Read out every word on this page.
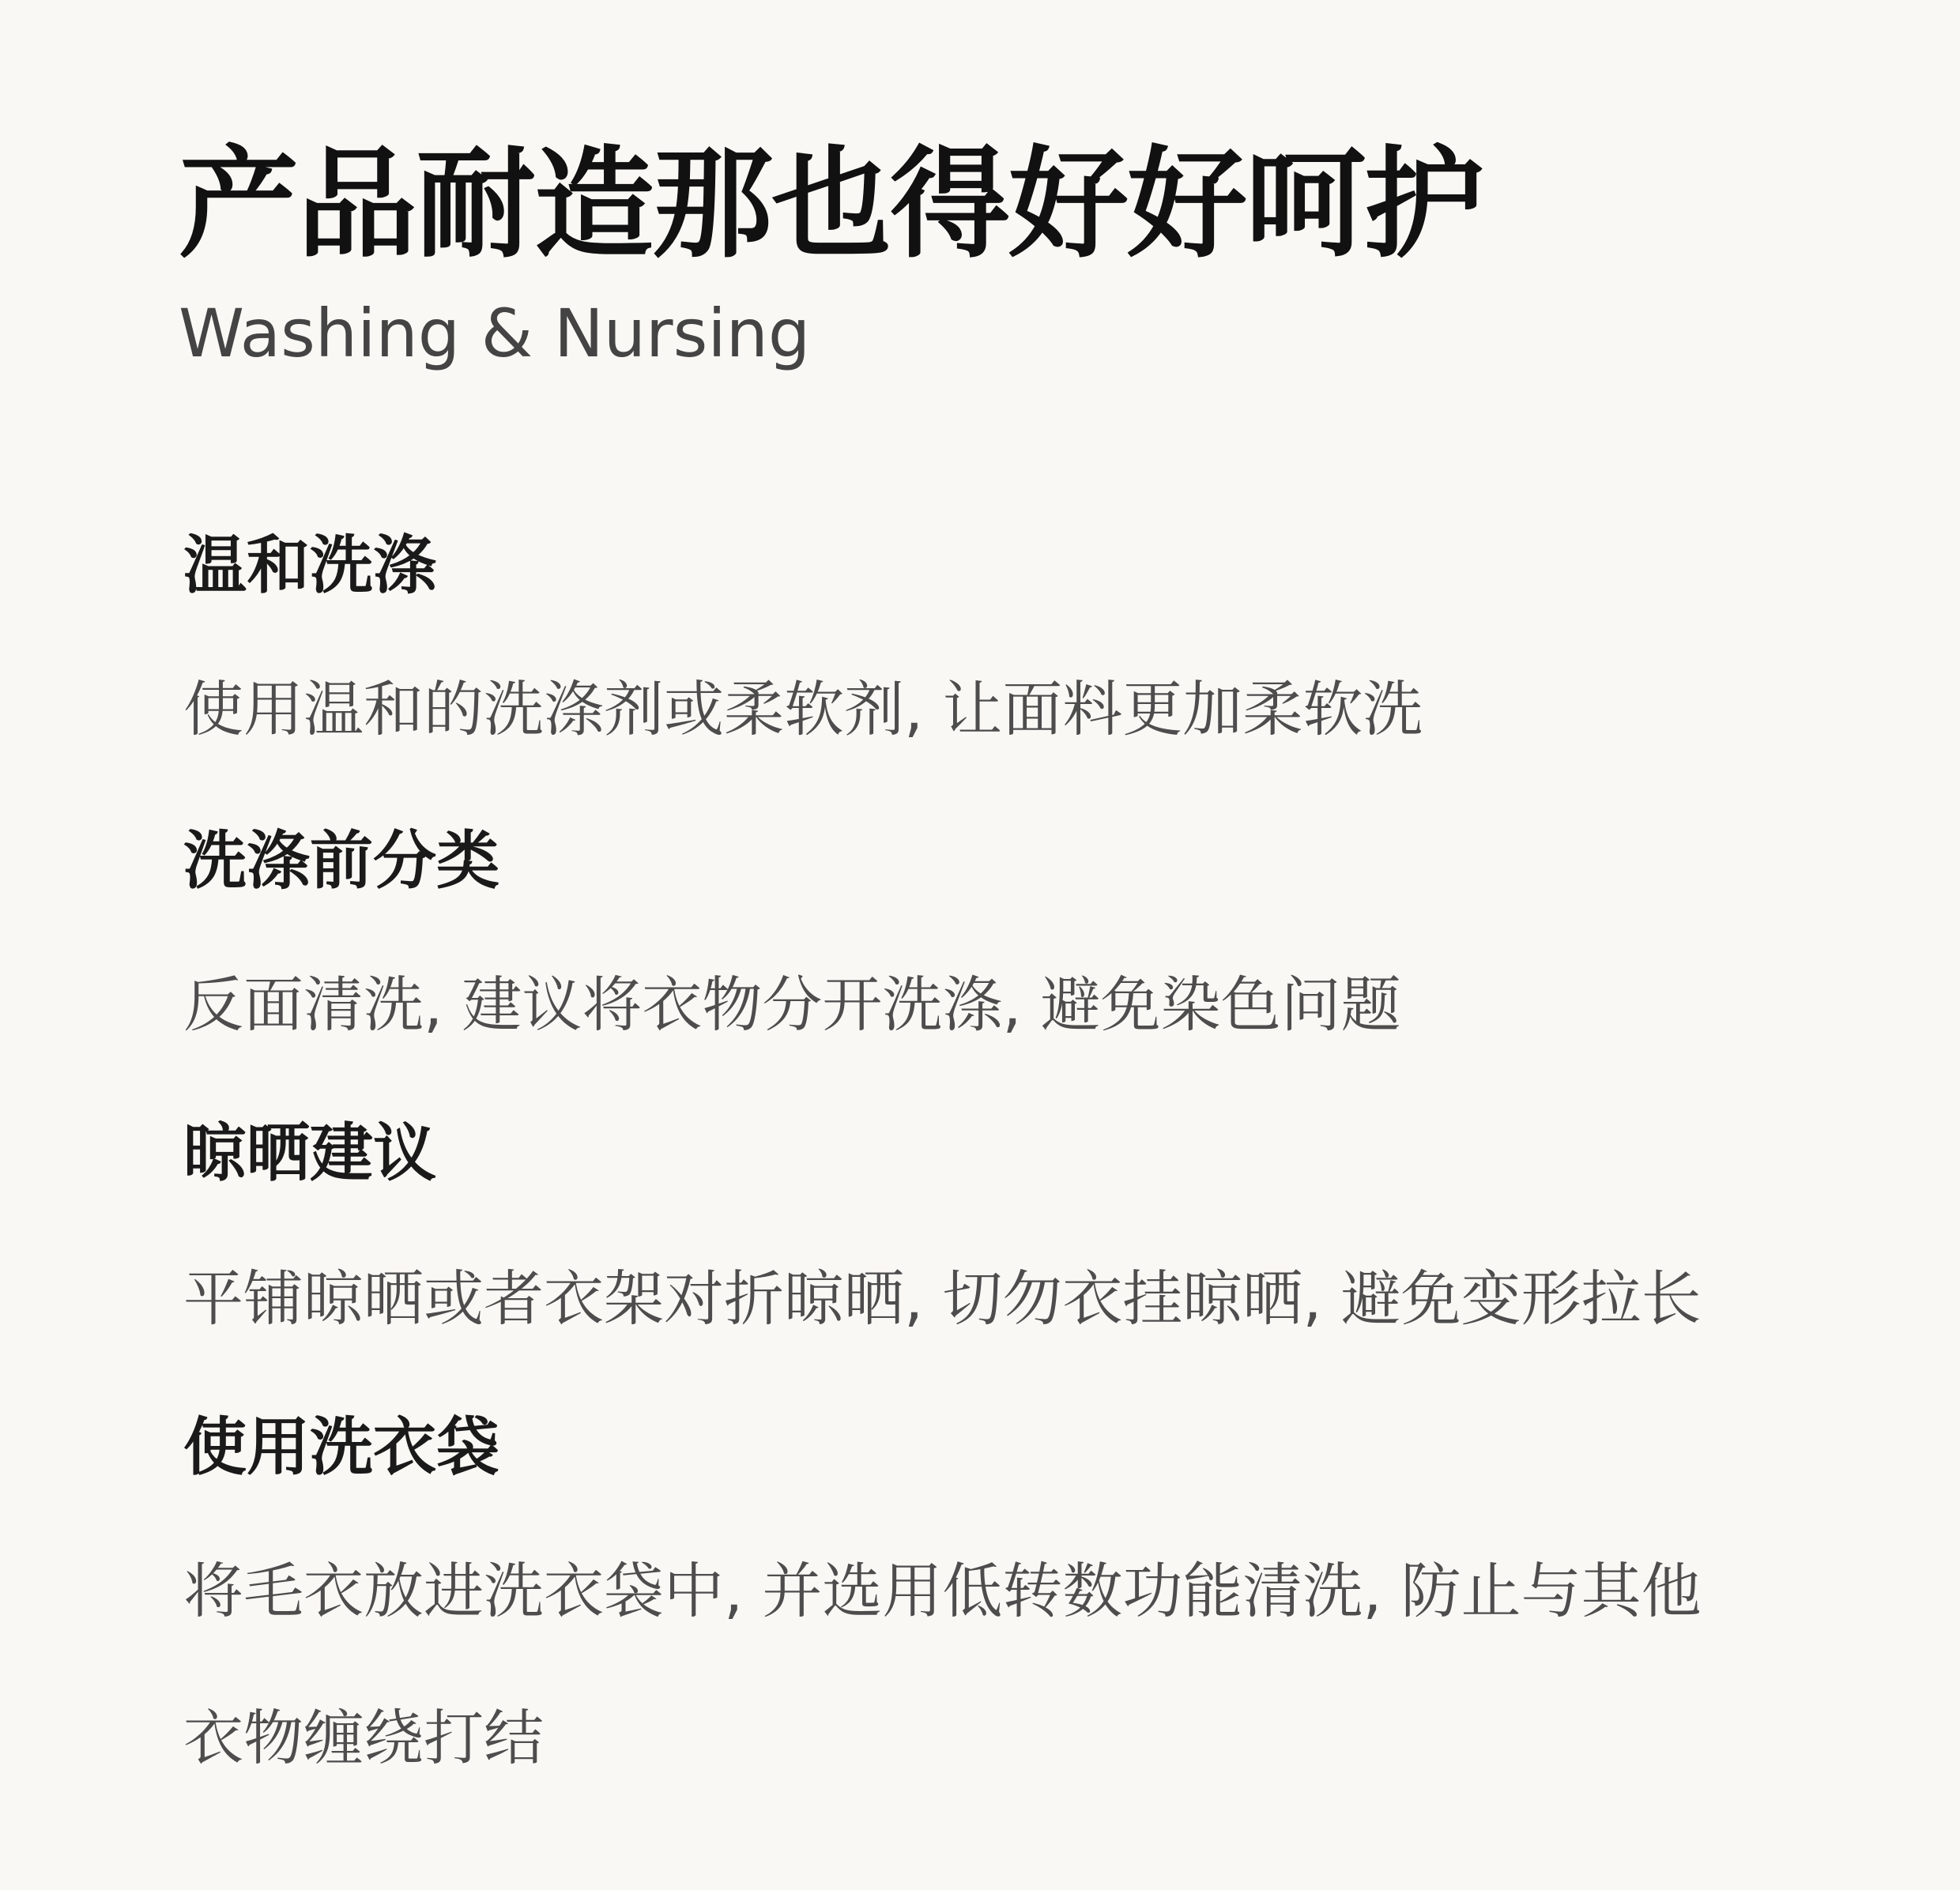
产品耐造那也得好好呵护
Washing & Nursing
温和洗涤
使用温和的洗涤剂或柔软剂, 让面料更加柔软洗
洗涤前分类
反面清洗, 建议将衣物分开洗涤, 避免染色问题
晾晒建议
平铺晾晒或者衣架对折晾晒, 切勿衣挂晾晒, 避免变形拉长
使用洗衣袋
将毛衣放进洗衣袋中, 并选用低转数功能清洗, 防止与其他
衣物缠绕打结
